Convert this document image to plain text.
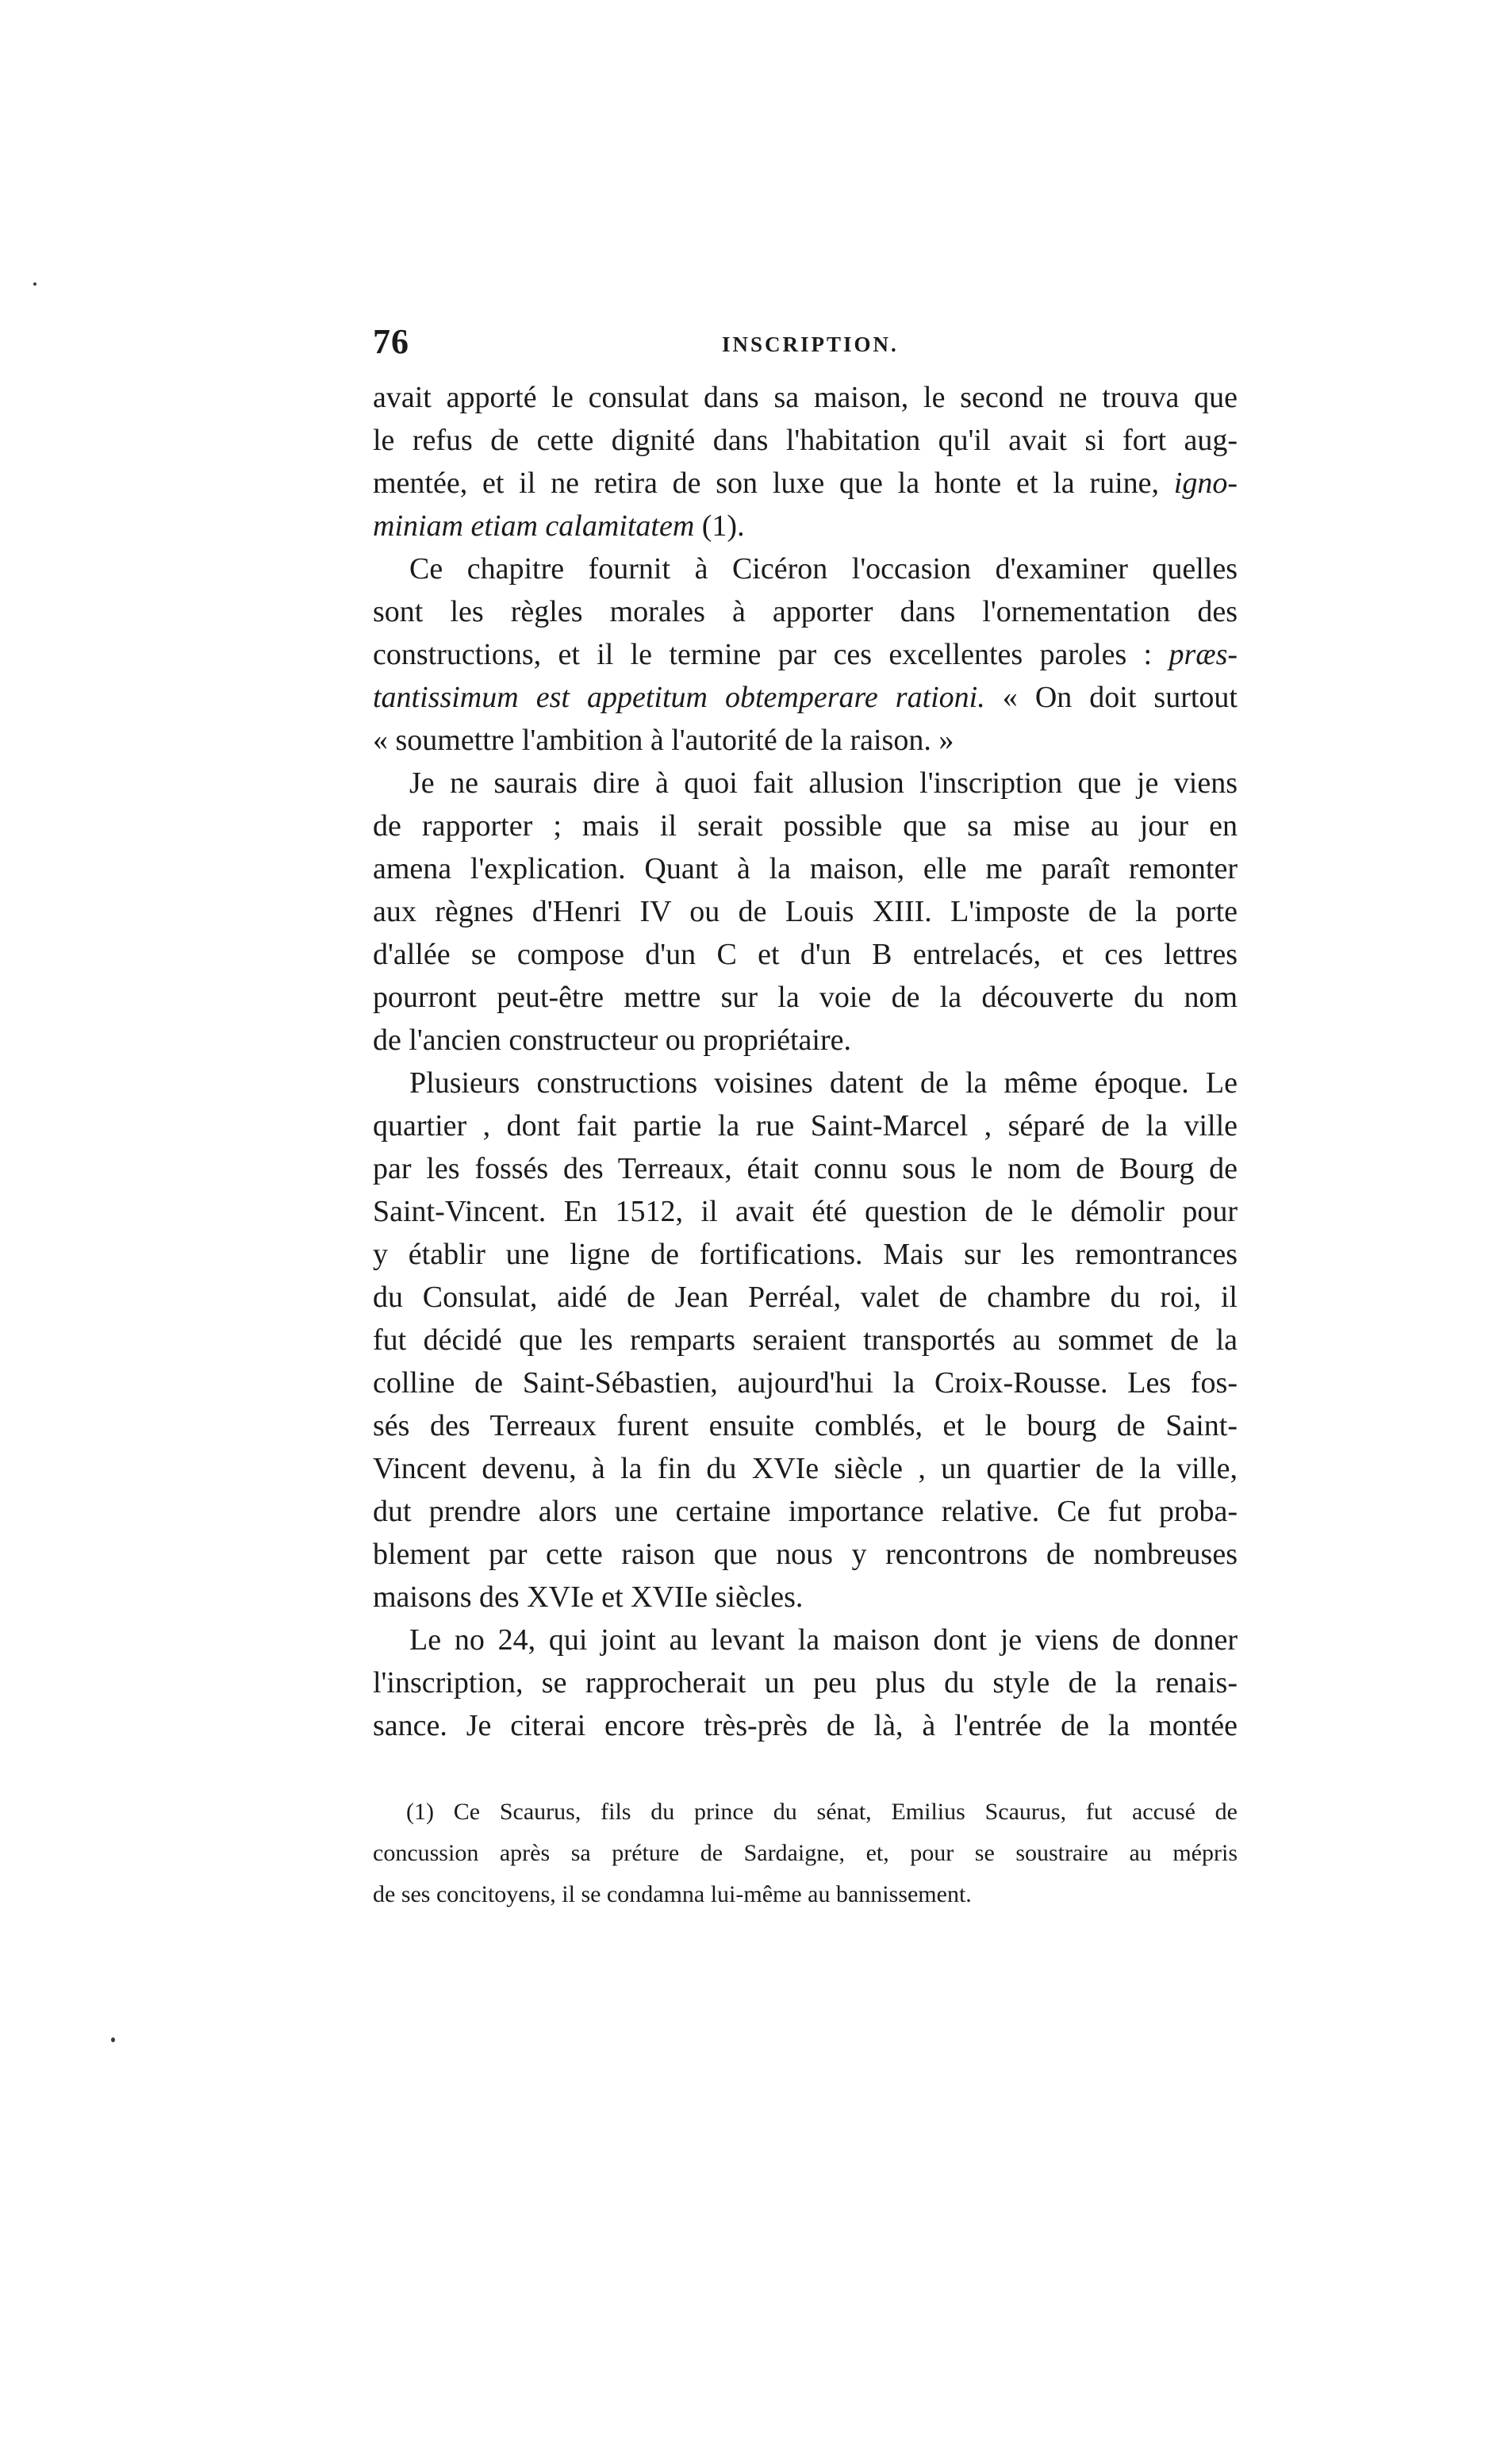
76	INSCRIPTION.
avait apporté le consulat dans sa maison, le second ne trouva que
le refus de cette dignité dans l'habitation qu'il avait si fort aug-
mentée, et il ne retira de son luxe que la honte et la ruine, igno-
miniam etiam calamitatem (1).
Ce chapitre fournit à Cicéron l'occasion d'examiner quelles
sont les règles morales à apporter dans l'ornementation des
constructions, et il le termine par ces excellentes paroles : præs-
tantissimum est appetitum obtemperare rationi. « On doit surtout
« soumettre l'ambition à l'autorité de la raison. »
Je ne saurais dire à quoi fait allusion l'inscription que je viens
de rapporter ; mais il serait possible que sa mise au jour en
amena l'explication. Quant à la maison, elle me paraît remonter
aux règnes d'Henri IV ou de Louis XIII. L'imposte de la porte
d'allée se compose d'un C et d'un B entrelacés, et ces lettres
pourront peut-être mettre sur la voie de la découverte du nom
de l'ancien constructeur ou propriétaire.
Plusieurs constructions voisines datent de la même époque. Le
quartier , dont fait partie la rue Saint-Marcel , séparé de la ville
par les fossés des Terreaux, était connu sous le nom de Bourg de
Saint-Vincent. En 1512, il avait été question de le démolir pour
y établir une ligne de fortifications. Mais sur les remontrances
du Consulat, aidé de Jean Perréal, valet de chambre du roi, il
fut décidé que les remparts seraient transportés au sommet de la
colline de Saint-Sébastien, aujourd'hui la Croix-Rousse. Les fos-
sés des Terreaux furent ensuite comblés, et le bourg de Saint-
Vincent devenu, à la fin du XVIe siècle , un quartier de la ville,
dut prendre alors une certaine importance relative. Ce fut proba-
blement par cette raison que nous y rencontrons de nombreuses
maisons des XVIe et XVIIe siècles.
Le no 24, qui joint au levant la maison dont je viens de donner
l'inscription, se rapprocherait un peu plus du style de la renais-
sance. Je citerai encore très-près de là, à l'entrée de la montée
(1) Ce Scaurus, fils du prince du sénat, Emilius Scaurus, fut accusé de
concussion après sa préture de Sardaigne, et, pour se soustraire au mépris
de ses concitoyens, il se condamna lui-même au bannissement.
